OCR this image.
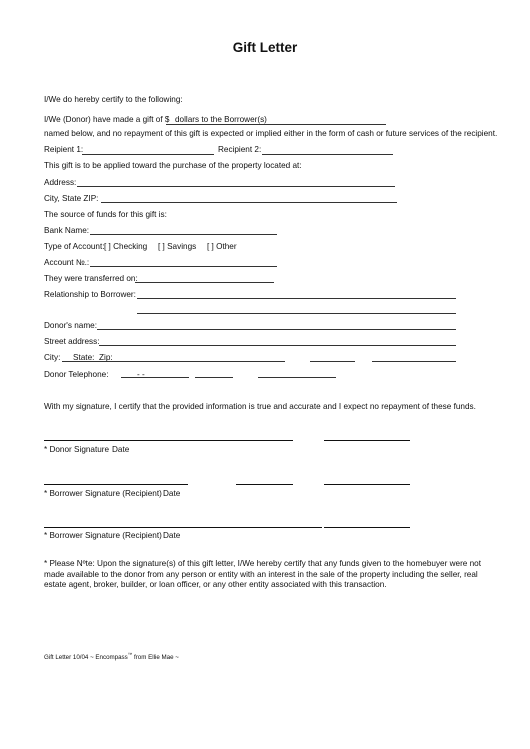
Gift Letter
I/We do hereby certify to the following:
I/We (Donor) have made a gift of $ dollars to the Borrower(s)
named below, and no repayment of this gift is expected or implied either in the form of cash or future services of the recipient.
Reipient 1:	Recipient 2:
This gift is to be applied toward the purchase of the property located at:
Address:
City, State ZIP:
The source of funds for this gift is:
Bank Name:
Type of Account: [ ] Checking [ ] Savings [ ] Other
Account №.:
They were transferred on:
Relationship to Borrower:
Donor's name:
Street address:
City: State: Zip:
Donor Telephone:	- -
With my signature, I certify that the provided information is true and accurate and I expect no repayment of these funds.
* Donor Signature Date
* Borrower Signature (Recipient) Date
* Borrower Signature (Recipient) Date
* Please Nºte: Upon the signature(s) of this gift letter, I/We hereby certify that any funds given to the homebuyer were not made available to the donor from any person or entity with an interest in the sale of the property including the seller, real estate agent, broker, builder, or loan officer, or any other entity associated with this transaction.
Gift Letter 10/04 ~ Encompass™ from Ellie Mae ~
